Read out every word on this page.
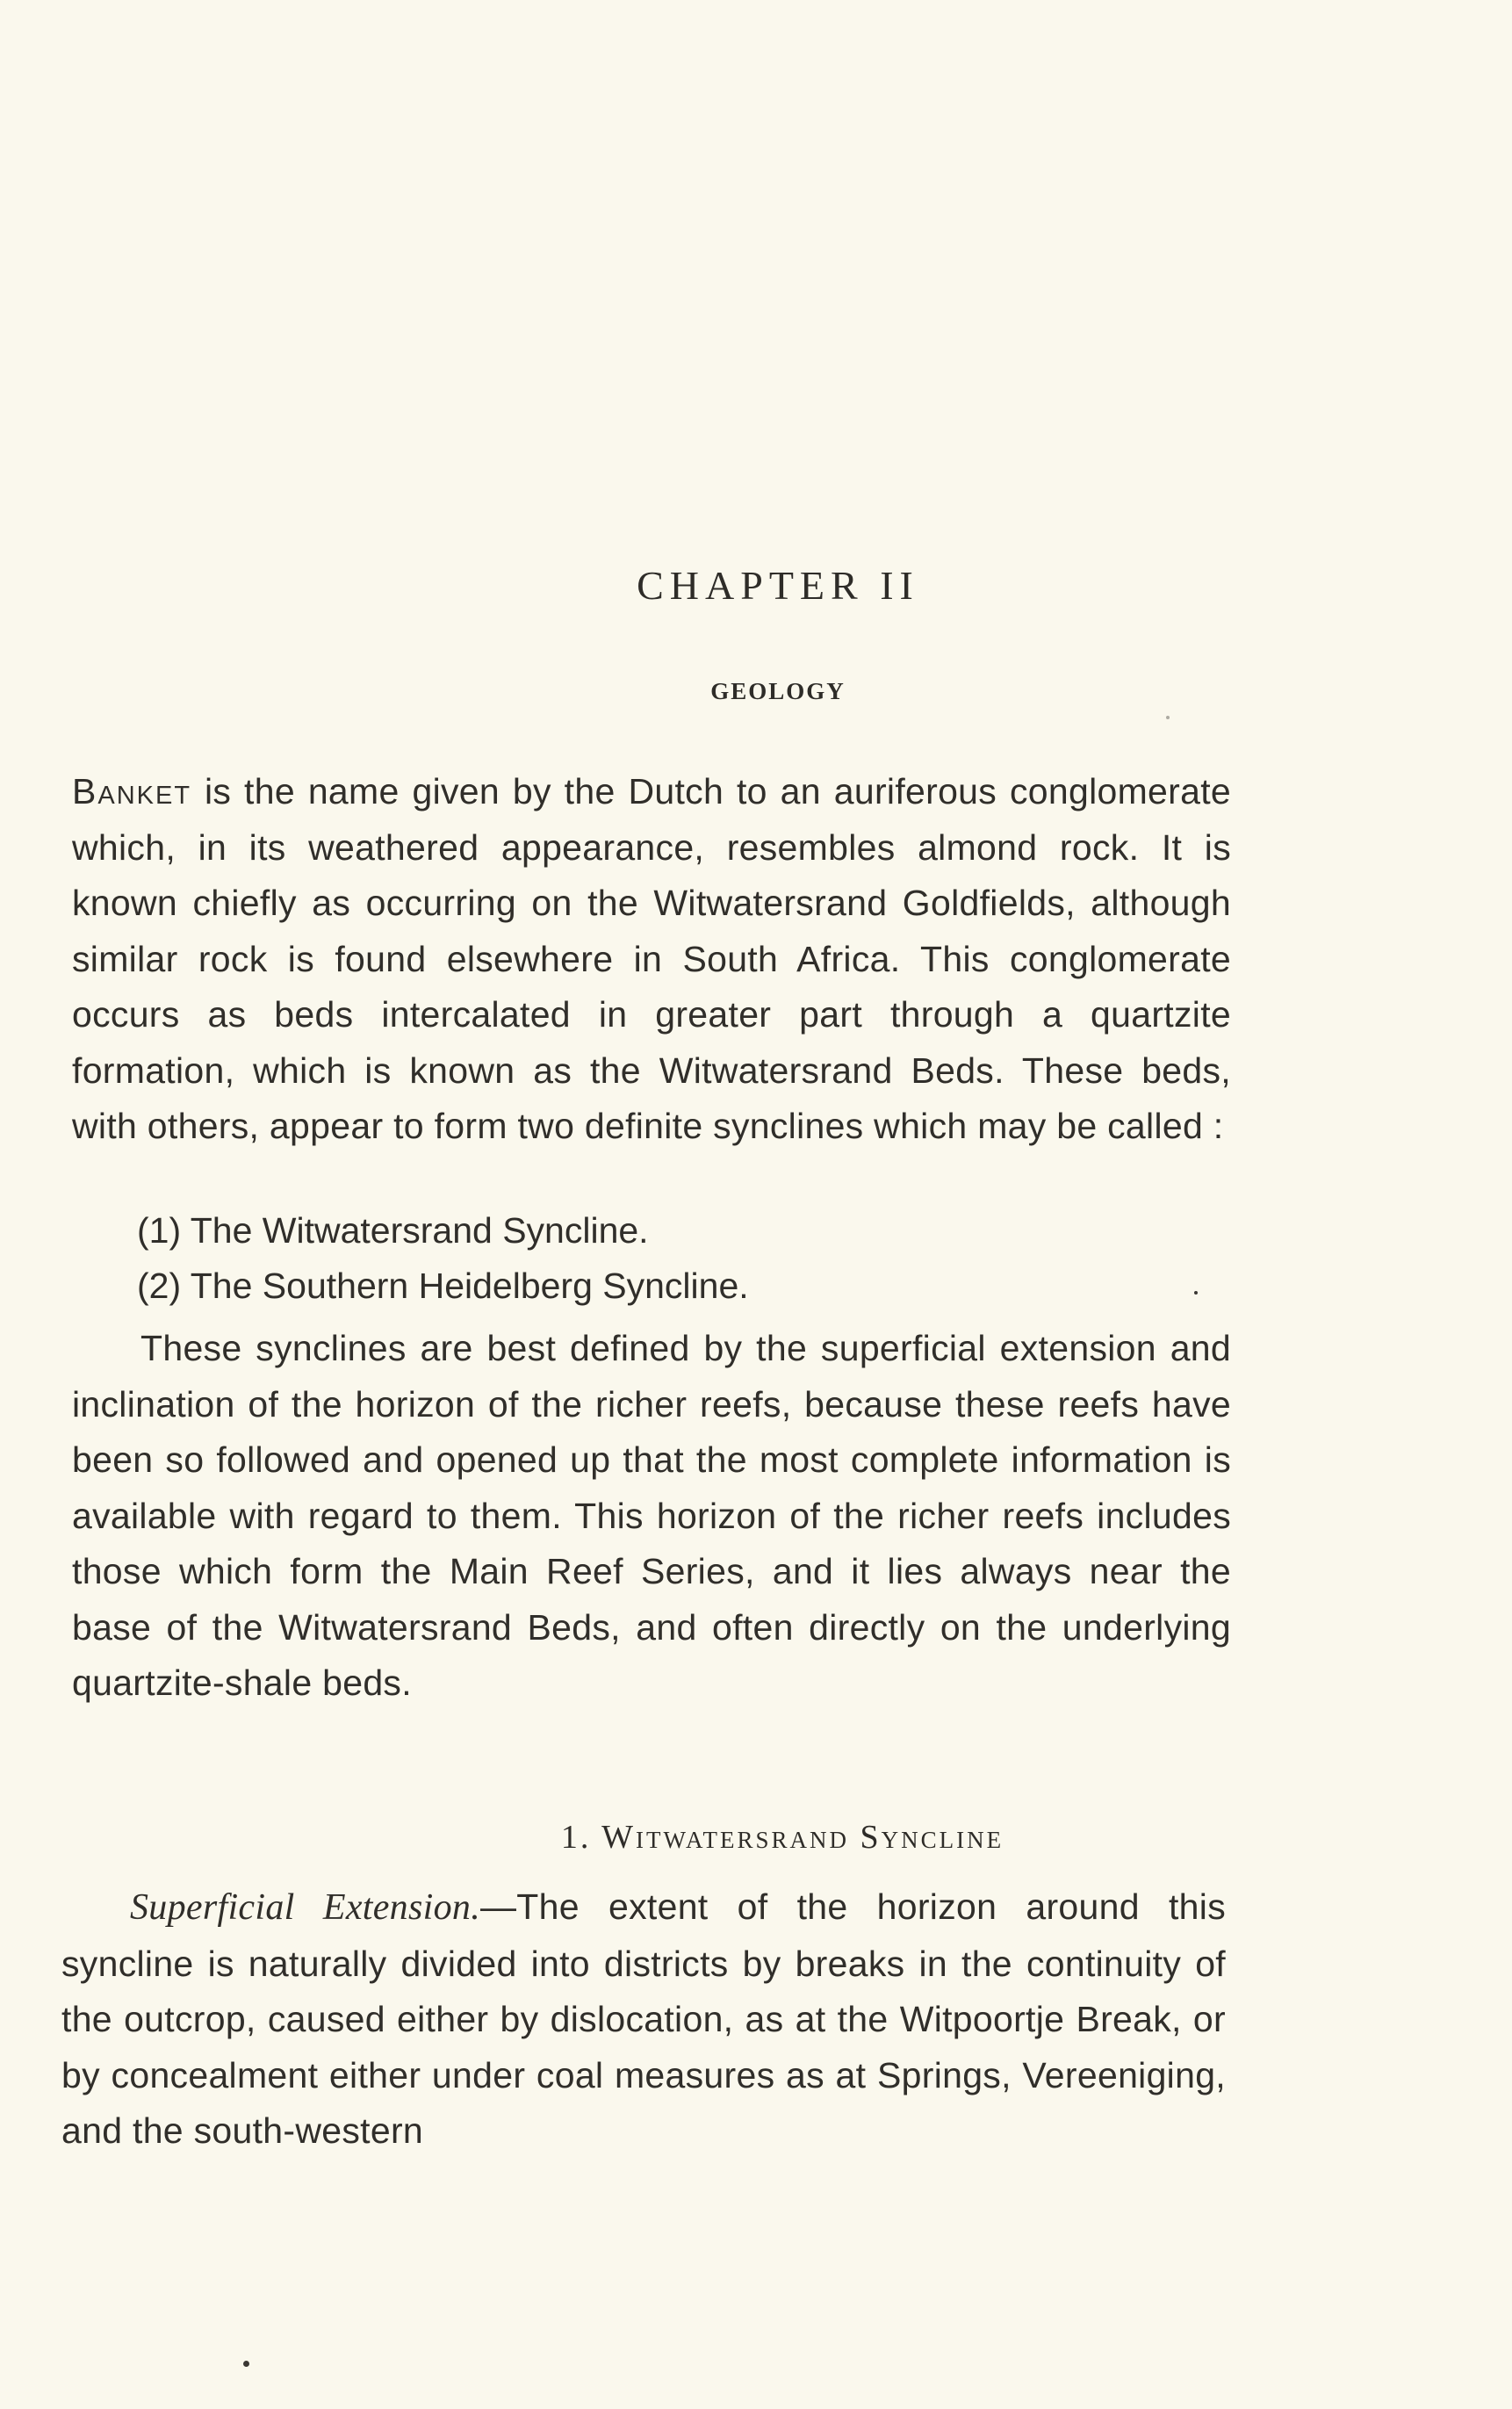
CHAPTER II
GEOLOGY

Banket is the name given by the Dutch to an auriferous conglomerate which, in its weathered appearance, resembles almond rock. It is known chiefly as occurring on the Witwatersrand Goldfields, although similar rock is found elsewhere in South Africa. This conglomerate occurs as beds intercalated in greater part through a quartzite formation, which is known as the Witwatersrand Beds. These beds, with others, appear to form two definite synclines which may be called :

(1) The Witwatersrand Syncline.

(2) The Southern Heidelberg Syncline.

These synclines are best defined by the superficial extension and inclination of the horizon of the richer reefs, because these reefs have been so followed and opened up that the most complete information is available with regard to them. This horizon of the richer reefs includes those which form the Main Reef Series, and it lies always near the base of the Witwatersrand Beds, and often directly on the underlying quartzite-shale beds.

1. Witwatersrand Syncline

Superficial Extension.—The extent of the horizon around this syncline is naturally divided into districts by breaks in the continuity of the outcrop, caused either by dislocation, as at the Witpoortje Break, or by concealment either under coal measures as at Springs, Vereeniging, and the south-western
